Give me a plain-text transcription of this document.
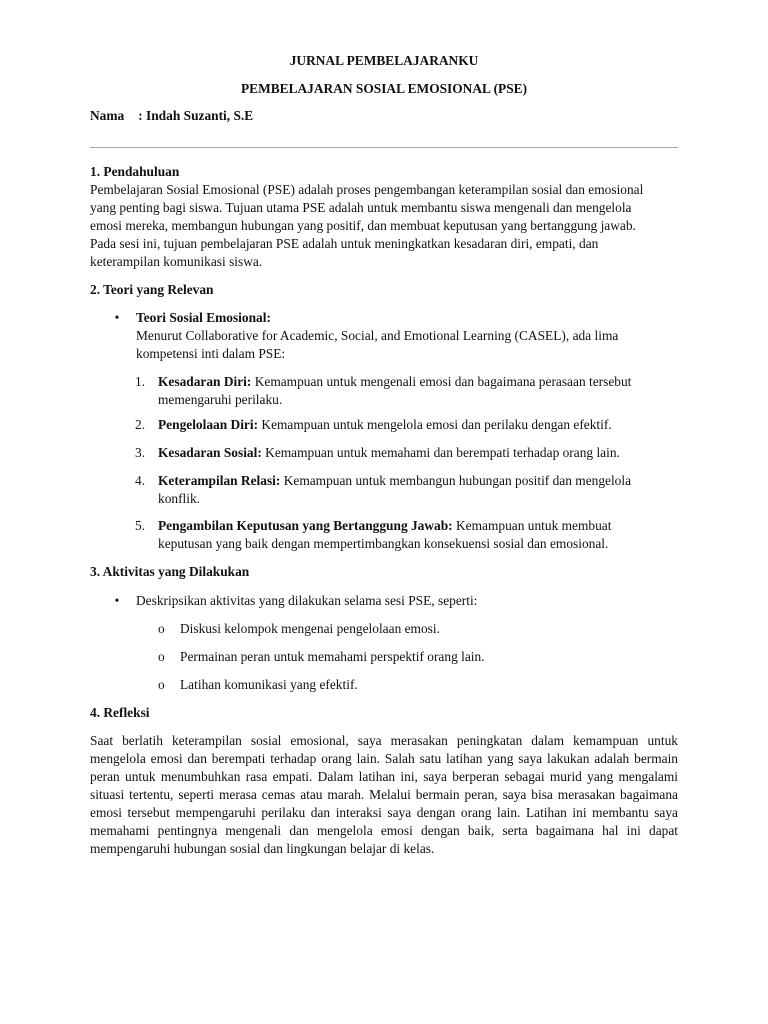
JURNAL PEMBELAJARANKU
PEMBELAJARAN SOSIAL EMOSIONAL (PSE)
Nama : Indah Suzanti, S.E
1. Pendahuluan
Pembelajaran Sosial Emosional (PSE) adalah proses pengembangan keterampilan sosial dan emosional
yang penting bagi siswa. Tujuan utama PSE adalah untuk membantu siswa mengenali dan mengelola
emosi mereka, membangun hubungan yang positif, dan membuat keputusan yang bertanggung jawab.
Pada sesi ini, tujuan pembelajaran PSE adalah untuk meningkatkan kesadaran diri, empati, dan
keterampilan komunikasi siswa.
2. Teori yang Relevan
• Teori Sosial Emosional:
Menurut Collaborative for Academic, Social, and Emotional Learning (CASEL), ada lima
kompetensi inti dalam PSE:
1. Kesadaran Diri: Kemampuan untuk mengenali emosi dan bagaimana perasaan tersebut
memengaruhi perilaku.
2. Pengelolaan Diri: Kemampuan untuk mengelola emosi dan perilaku dengan efektif.
3. Kesadaran Sosial: Kemampuan untuk memahami dan berempati terhadap orang lain.
4. Keterampilan Relasi: Kemampuan untuk membangun hubungan positif dan mengelola
konflik.
5. Pengambilan Keputusan yang Bertanggung Jawab: Kemampuan untuk membuat
keputusan yang baik dengan mempertimbangkan konsekuensi sosial dan emosional.
3. Aktivitas yang Dilakukan
• Deskripsikan aktivitas yang dilakukan selama sesi PSE, seperti:
o Diskusi kelompok mengenai pengelolaan emosi.
o Permainan peran untuk memahami perspektif orang lain.
o Latihan komunikasi yang efektif.
4. Refleksi
Saat berlatih keterampilan sosial emosional, saya merasakan peningkatan dalam kemampuan untuk mengelola emosi dan berempati terhadap orang lain. Salah satu latihan yang saya lakukan adalah bermain peran untuk menumbuhkan rasa empati. Dalam latihan ini, saya berperan sebagai murid yang mengalami situasi tertentu, seperti merasa cemas atau marah. Melalui bermain peran, saya bisa merasakan bagaimana emosi tersebut mempengaruhi perilaku dan interaksi saya dengan orang lain. Latihan ini membantu saya memahami pentingnya mengenali dan mengelola emosi dengan baik, serta bagaimana hal ini dapat mempengaruhi hubungan sosial dan lingkungan belajar di kelas.
